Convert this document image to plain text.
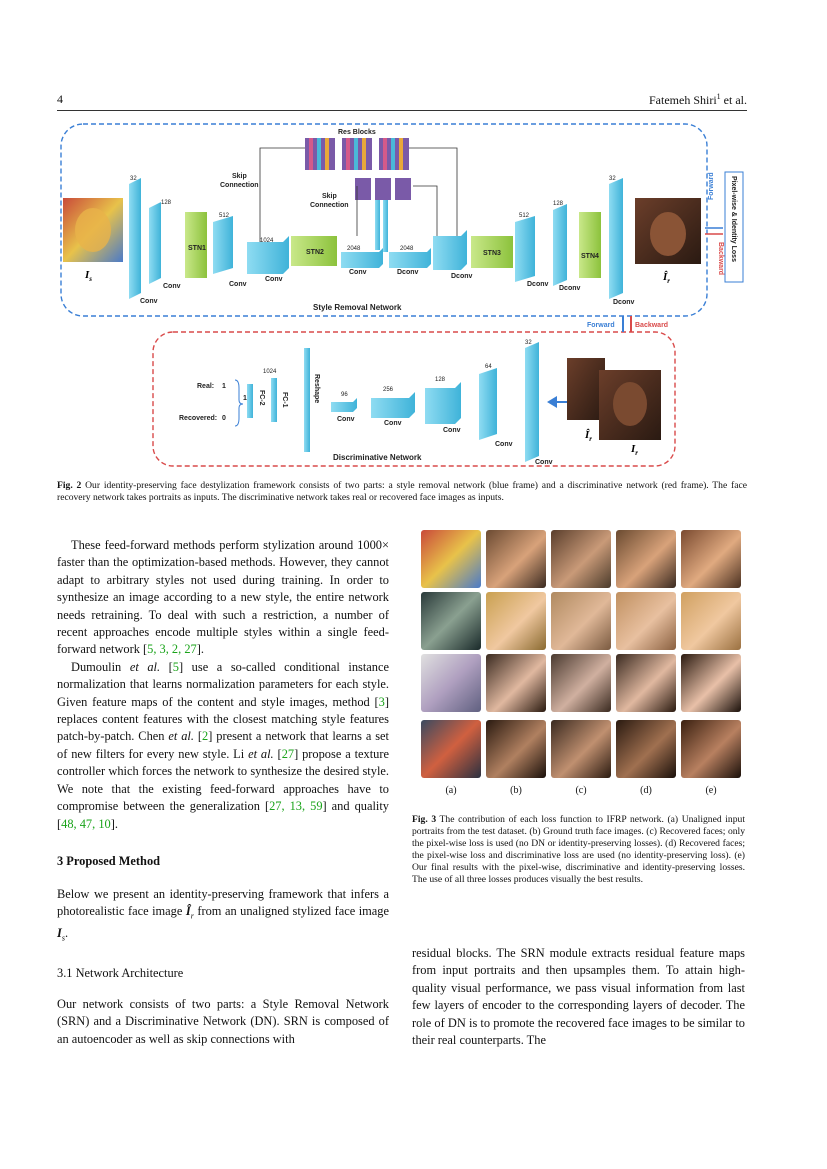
4	Fatemeh Shiri$^1$ et al.
$I_s$
32
Conv
128
Conv
STN1
512
Conv
1024
Conv
STN2	2048
Conv
2048
Dconv
Res Blocks
Skip
Connection
Skip
Connection
Dconv
STN3
512
Dconv
128
Dconv
STN4
32
Dconv
$Î_r$
Style Removal Network
Pixel-wise & Identity Loss
Forward
Backward
Forward	Backward
Real: 1
Recovered: 0
1 FC-2
1024
FC-1	Reshape	96
Conv
256
Conv
128
Conv
64
Conv
32
Conv
$Î_r$
$I_r$
Discriminative Network
Fig. 2 Our identity-preserving face destylization framework consists of two parts: a style removal network (blue frame) and a discriminative network (red frame). The face recovery network takes portraits as inputs. The discriminative network takes real or recovered face images as inputs.

These feed-forward methods perform stylization around 1000× faster than the optimization-based methods. However, they cannot adapt to arbitrary styles not used during training. In order to synthesize an image according to a new style, the entire network needs retraining. To deal with such a restriction, a number of recent approaches encode multiple styles within a single feed-forward network [5, 3, 2, 27].

Dumoulin et al. [5] use a so-called conditional instance normalization that learns normalization parameters for each style. Given feature maps of the content and style images, method [3] replaces content features with the closest matching style features patch-by-patch. Chen et al. [2] present a network that learns a set of new filters for every new style. Li et al. [27] propose a texture controller which forces the network to synthesize the desired style. We note that the existing feed-forward approaches have to compromise between the generalization [27, 13, 59] and quality [48, 47, 10].

3 Proposed Method

Below we present an identity-preserving framework that infers a photorealistic face image $Î_r$ from an unaligned stylized face image $I_s$.

3.1 Network Architecture

Our network consists of two parts: a Style Removal Network (SRN) and a Discriminative Network (DN). SRN is composed of an autoencoder as well as skip connections with

(a)	(b)	(c)	(d)	(e)
Fig. 3 The contribution of each loss function to IFRP network. (a) Unaligned input portraits from the test dataset. (b) Ground truth face images. (c) Recovered faces; only the pixel-wise loss is used (no DN or identity-preserving losses). (d) Recovered faces; the pixel-wise loss and discriminative loss are used (no identity-preserving loss). (e) Our final results with the pixel-wise, discriminative and identity-preserving losses. The use of all three losses produces visually the best results.

residual blocks. The SRN module extracts residual feature maps from input portraits and then upsamples them. To attain high-quality visual performance, we pass visual information from last few layers of encoder to the corresponding layers of decoder. The role of DN is to promote the recovered face images to be similar to their real counterparts. The
